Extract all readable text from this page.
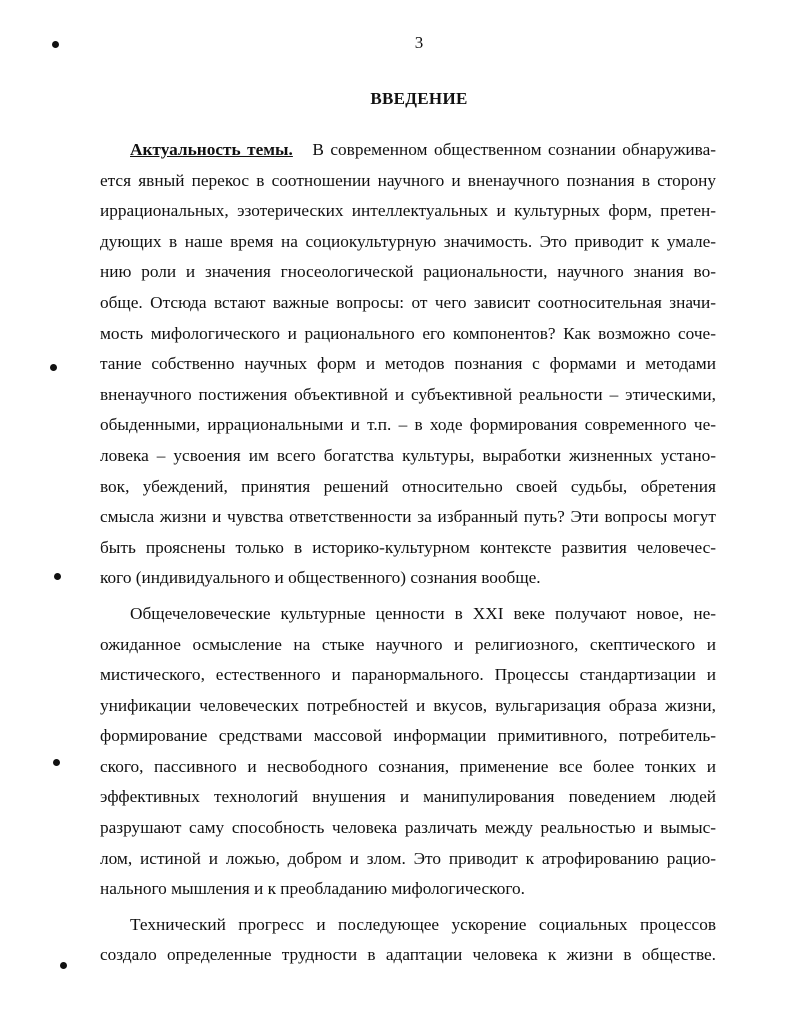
3
ВВЕДЕНИЕ
Актуальность темы. В современном общественном сознании обнаружива-
ется явный перекос в соотношении научного и вненаучного познания в сторону
иррациональных, эзотерических интеллектуальных и культурных форм, претен-
дующих в наше время на социокультурную значимость. Это приводит к умале-
нию роли и значения гносеологической рациональности, научного знания во-
обще. Отсюда встают важные вопросы: от чего зависит соотносительная значи-
мость мифологического и рационального его компонентов? Как возможно соче-
тание собственно научных форм и методов познания с формами и методами
вненаучного постижения объективной и субъективной реальности – этическими,
обыденными, иррациональными и т.п. – в ходе формирования современного че-
ловека – усвоения им всего богатства культуры, выработки жизненных устано-
вок, убеждений, принятия решений относительно своей судьбы, обретения
смысла жизни и чувства ответственности за избранный путь? Эти вопросы могут
быть прояснены только в историко-культурном контексте развития человечес-
кого (индивидуального и общественного) сознания вообще.
Общечеловеческие культурные ценности в XXI веке получают новое, не-
ожиданное осмысление на стыке научного и религиозного, скептического и
мистического, естественного и паранормального. Процессы стандартизации и
унификации человеческих потребностей и вкусов, вульгаризация образа жизни,
формирование средствами массовой информации примитивного, потребитель-
ского, пассивного и несвободного сознания, применение все более тонких и
эффективных технологий внушения и манипулирования поведением людей
разрушают саму способность человека различать между реальностью и вымыс-
лом, истиной и ложью, добром и злом. Это приводит к атрофированию рацио-
нального мышления и к преобладанию мифологического.
Технический прогресс и последующее ускорение социальных процессов
создало определенные трудности в адаптации человека к жизни в обществе.
